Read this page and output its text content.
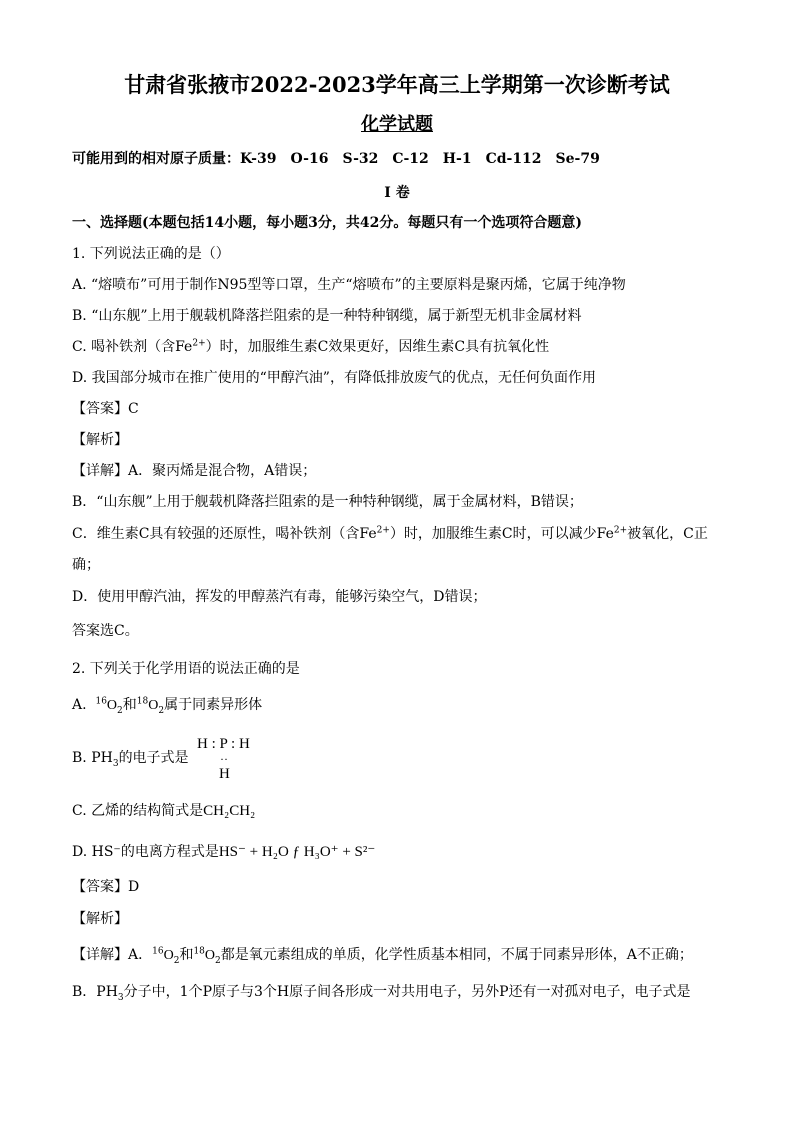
甘肃省张掖市2022-2023学年高三上学期第一次诊断考试
化学试题
可能用到的相对原子质量：K-39　O-16　S-32　C-12　H-1　Cd-112　Se-79
I 卷
一、选择题(本题包括14小题，每小题3分，共42分。每题只有一个选项符合题意)
1. 下列说法正确的是（）
A. “熔喷布”可用于制作N95型等口罩，生产“熔喷布”的主要原料是聚丙烯，它属于纯净物
B. “山东舰”上用于舰载机降落拦阻索的是一种特种钢缆，属于新型无机非金属材料
C. 喝补铁剂（含$Fe^{2+}$）时，加服维生素C效果更好，因维生素C具有抗氧化性
D. 我国部分城市在推广使用的“甲醇汽油”，有降低排放废气的优点，无任何负面作用
【答案】C
【解析】
【详解】A．聚丙烯是混合物，A错误；
B．“山东舰”上用于舰载机降落拦阻索的是一种特种钢缆，属于金属材料，B错误；
C．维生素C具有较强的还原性，喝补铁剂（含$Fe^{2+}$）时，加服维生素C时，可以减少$Fe^{2+}$被氧化，C正
确；
D．使用甲醇汽油，挥发的甲醇蒸汽有毒，能够污染空气，D错误；
答案选C。
2. 下列关于化学用语的说法正确的是
A. $^{16}O_2$和$^{18}O_2$属于同素异形体
B. $PH_3$的电子式是
H : P : H
··
H
C. 乙烯的结构简式是CH₂CH₂
D. HS⁻的电离方程式是HS⁻ + H₂O ƒ H₃O⁺ + S²⁻
【答案】D
【解析】
【详解】A．$^{16}O_2$和$^{18}O_2$都是氧元素组成的单质，化学性质基本相同，不属于同素异形体，A不正确；
B．$PH_3$分子中，1个P原子与3个H原子间各形成一对共用电子，另外P还有一对孤对电子，电子式是
